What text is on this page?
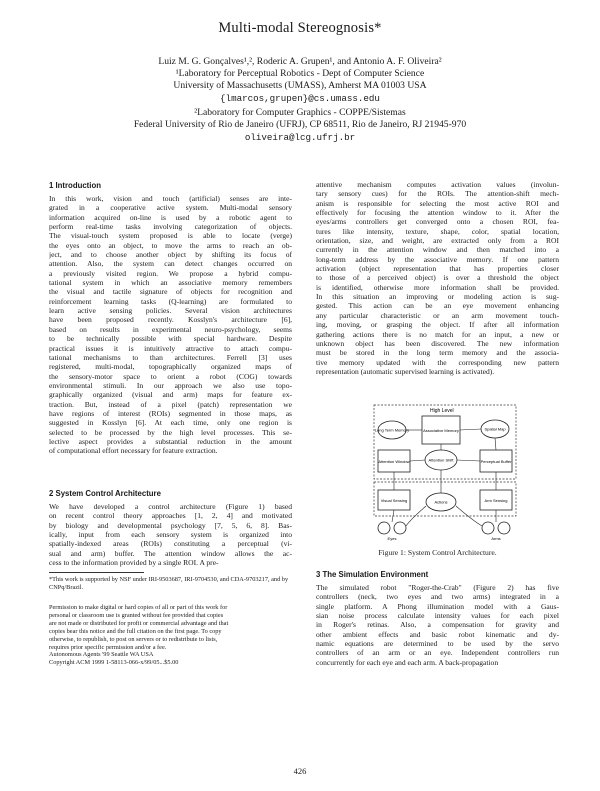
Multi-modal Stereognosis*
Luiz M. G. Gonçalves¹,², Roderic A. Grupen¹, and Antonio A. F. Oliveira²
¹Laboratory for Perceptual Robotics - Dept of Computer Science
University of Massachusetts (UMASS), Amherst MA 01003 USA
{lmarcos,grupen}@cs.umass.edu
²Laboratory for Computer Graphics - COPPE/Sistemas
Federal University of Rio de Janeiro (UFRJ), CP 68511, Rio de Janeiro, RJ 21945-970
oliveira@lcg.ufrj.br
1 Introduction
In this work, vision and touch (artificial) senses are inte-
grated in a cooperative active system. Multi-modal sensory
information acquired on-line is used by a robotic agent to
perform real-time tasks involving categorization of objects.
The visual-touch system proposed is able to locate (verge)
the eyes onto an object, to move the arms to reach an ob-
ject, and to choose another object by shifting its focus of
attention. Also, the system can detect changes occurred on
a previously visited region. We propose a hybrid compu-
tational system in which an associative memory remembers
the visual and tactile signature of objects for recognition and
reinforcement learning tasks (Q-learning) are formulated to
learn active sensing policies. Several vision architectures
have been proposed recently. Kosslyn's architecture [6],
based on results in experimental neuro-psychology, seems
to be technically possible with special hardware. Despite
practical issues it is intuitively attractive to attach compu-
tational mechanisms to than architectures. Ferrell [3] uses
registered, multi-modal, topographically organized maps of
the sensory-motor space to orient a robot (COG) towards
environmental stimuli. In our approach we also use topo-
graphically organized (visual and arm) maps for feature ex-
traction. But, instead of a pixel (patch) representation we
have regions of interest (ROIs) segmented in those maps, as
suggested in Kosslyn [6]. At each time, only one region is
selected to be processed by the high level processes. This se-
lective aspect provides a substantial reduction in the amount
of computational effort necessary for feature extraction.
2 System Control Architecture
We have developed a control architecture (Figure 1) based
on recent control theory approaches [1, 2, 4] and motivated
by biology and developmental psychology [7, 5, 6, 8]. Bas-
ically, input from each sensory system is organized into
spatially-indexed areas (ROIs) constituting a perceptual (vi-
sual and arm) buffer. The attention window allows the ac-
cess to the information provided by a single ROI. A pre-
*This work is supported by NSF under IRI-9503687, IRI-9704530, and CDA-9703217, and by CNPq/Brazil.
Permission to make digital or hard copies of all or part of this work for
personal or classroom use is granted without fee provided that copies
are not made or distributed for profit or commercial advantage and that
copies bear this notice and the full citation on the first page. To copy
otherwise, to republish, to post on servers or to redistribute to lists,
requires prior specific permission and/or a fee.
Autonomous Agents '99 Seattle WA USA
Copyright ACM 1999 1-58113-066-x/99/05...$5.00
attentive mechanism computes activation values (involun-
tary sensory cues) for the ROIs. The attention-shift mech-
anism is responsible for selecting the most active ROI and
effectively for focusing the attention window to it. After the
eyes/arms controllers get converged onto a chosen ROI, fea-
tures like intensity, texture, shape, color, spatial location,
orientation, size, and weight, are extracted only from a ROI
currently in the attention window and then matched into a
long-term address by the associative memory. If one pattern
activation (object representation that has properties closer
to those of a perceived object) is over a threshold the object
is identified, otherwise more information shall be provided.
In this situation an improving or modeling action is sug-
gested. This action can be an eye movement enhancing
any particular characteristic or an arm movement touch-
ing, moving, or grasping the object. If after all information
gathering actions there is no match for an input, a new or
unknown object has been discovered. The new information
must be stored in the long term memory and the associa-
tive memory updated with the corresponding new pattern
representation (automatic supervised learning is activated).
High Level
Long Term Memory	Associative Memory	Spatial Map
Attention Window	Attention Shift	Perceptual Buffer
Visual Sensing	Actions	Arm Sensing
Eyes	Arms
Figure 1: System Control Architecture.
3 The Simulation Environment
The simulated robot "Roger-the-Crab" (Figure 2) has five
controllers (neck, two eyes and two arms) integrated in a
single platform. A Phong illumination model with a Gaus-
sian noise process calculate intensity values for each pixel
in Roger's retinas. Also, a compensation for gravity and
other ambient effects and basic robot kinematic and dy-
namic equations are determined to be used by the servo
controllers of an arm or an eye. Independent controllers run
concurrently for each eye and each arm. A back-propagation
426
